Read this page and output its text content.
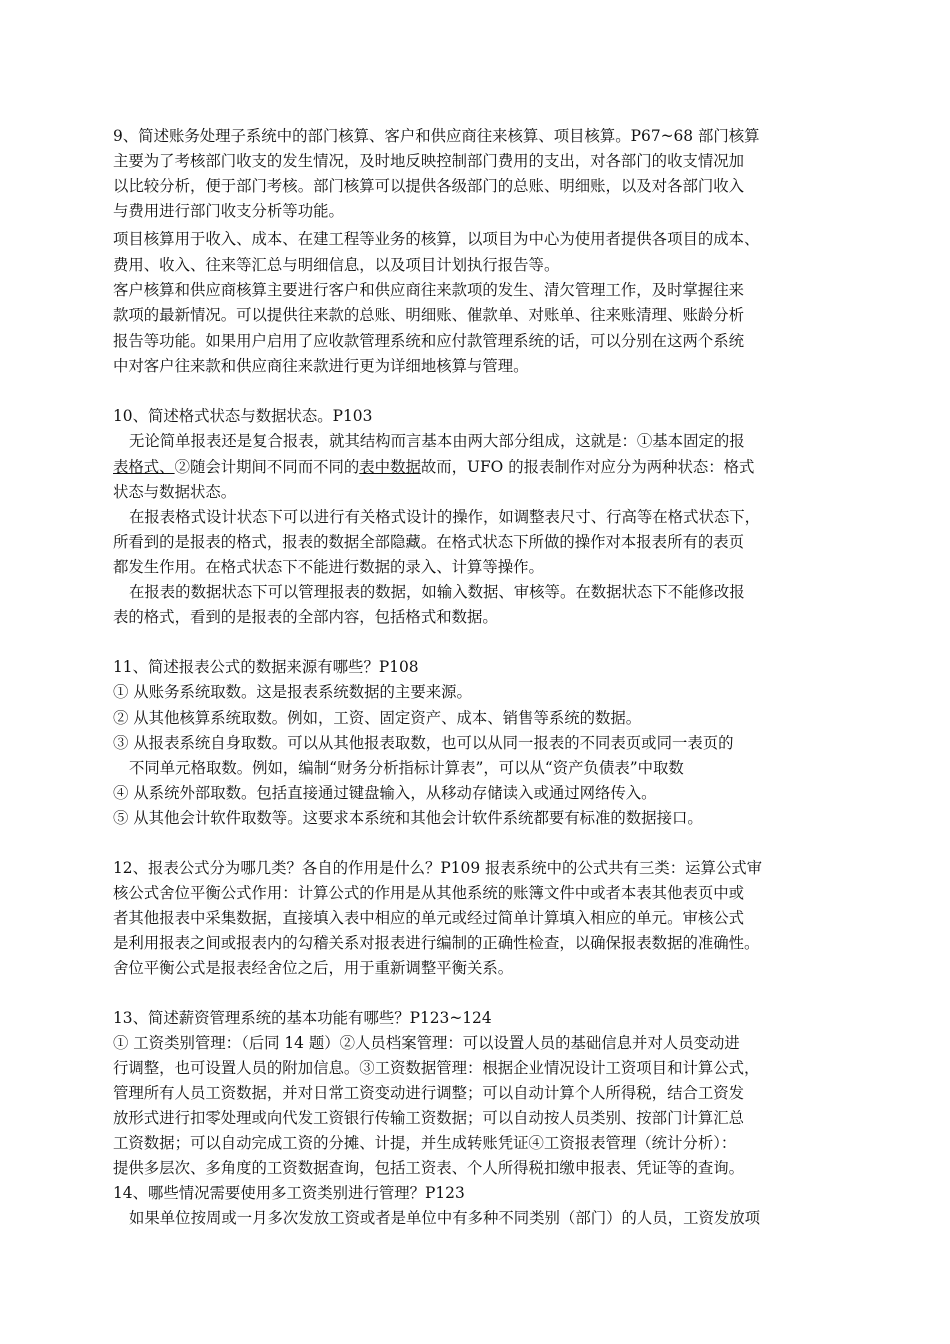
9、简述账务处理子系统中的部门核算、客户和供应商往来核算、项目核算。P67~68 部门核算

主要为了考核部门收支的发生情况，及时地反映控制部门费用的支出，对各部门的收支情况加

以比较分析，便于部门考核。部门核算可以提供各级部门的总账、明细账，以及对各部门收入

与费用进行部门收支分析等功能。

项目核算用于收入、成本、在建工程等业务的核算，以项目为中心为使用者提供各项目的成本、

费用、收入、往来等汇总与明细信息，以及项目计划执行报告等。

客户核算和供应商核算主要进行客户和供应商往来款项的发生、清欠管理工作，及时掌握往来

款项的最新情况。可以提供往来款的总账、明细账、催款单、对账单、往来账清理、账龄分析

报告等功能。如果用户启用了应收款管理系统和应付款管理系统的话，可以分别在这两个系统

中对客户往来款和供应商往来款进行更为详细地核算与管理。

10、简述格式状态与数据状态。P103

无论简单报表还是复合报表，就其结构而言基本由两大部分组成，这就是：①基本固定的报

表格式、②随会计期间不同而不同的表中数据故而，UFO 的报表制作对应分为两种状态：格式

状态与数据状态。

在报表格式设计状态下可以进行有关格式设计的操作，如调整表尺寸、行高等在格式状态下，

所看到的是报表的格式，报表的数据全部隐藏。在格式状态下所做的操作对本报表所有的表页

都发生作用。在格式状态下不能进行数据的录入、计算等操作。

在报表的数据状态下可以管理报表的数据，如输入数据、审核等。在数据状态下不能修改报

表的格式，看到的是报表的全部内容，包括格式和数据。

11、简述报表公式的数据来源有哪些？P108

① 从账务系统取数。这是报表系统数据的主要来源。

② 从其他核算系统取数。例如，工资、固定资产、成本、销售等系统的数据。

③ 从报表系统自身取数。可以从其他报表取数，也可以从同一报表的不同表页或同一表页的

不同单元格取数。例如，编制“财务分析指标计算表”，可以从“资产负债表”中取数

④ 从系统外部取数。包括直接通过键盘输入，从移动存储读入或通过网络传入。

⑤ 从其他会计软件取数等。这要求本系统和其他会计软件系统都要有标准的数据接口。

12、报表公式分为哪几类？各自的作用是什么？P109 报表系统中的公式共有三类：运算公式审

核公式舍位平衡公式作用：计算公式的作用是从其他系统的账簿文件中或者本表其他表页中或

者其他报表中采集数据，直接填入表中相应的单元或经过简单计算填入相应的单元。审核公式

是利用报表之间或报表内的勾稽关系对报表进行编制的正确性检查，以确保报表数据的准确性。

舍位平衡公式是报表经舍位之后，用于重新调整平衡关系。

13、简述薪资管理系统的基本功能有哪些？P123~124

① 工资类别管理：（后同 14 题）②人员档案管理：可以设置人员的基础信息并对人员变动进

行调整，也可设置人员的附加信息。③工资数据管理：根据企业情况设计工资项目和计算公式，

管理所有人员工资数据，并对日常工资变动进行调整；可以自动计算个人所得税，结合工资发

放形式进行扣零处理或向代发工资银行传输工资数据；可以自动按人员类别、按部门计算汇总

工资数据；可以自动完成工资的分摊、计提，并生成转账凭证④工资报表管理（统计分析）：

提供多层次、多角度的工资数据查询，包括工资表、个人所得税扣缴申报表、凭证等的查询。

14、哪些情况需要使用多工资类别进行管理？P123

如果单位按周或一月多次发放工资或者是单位中有多种不同类别（部门）的人员，工资发放项
